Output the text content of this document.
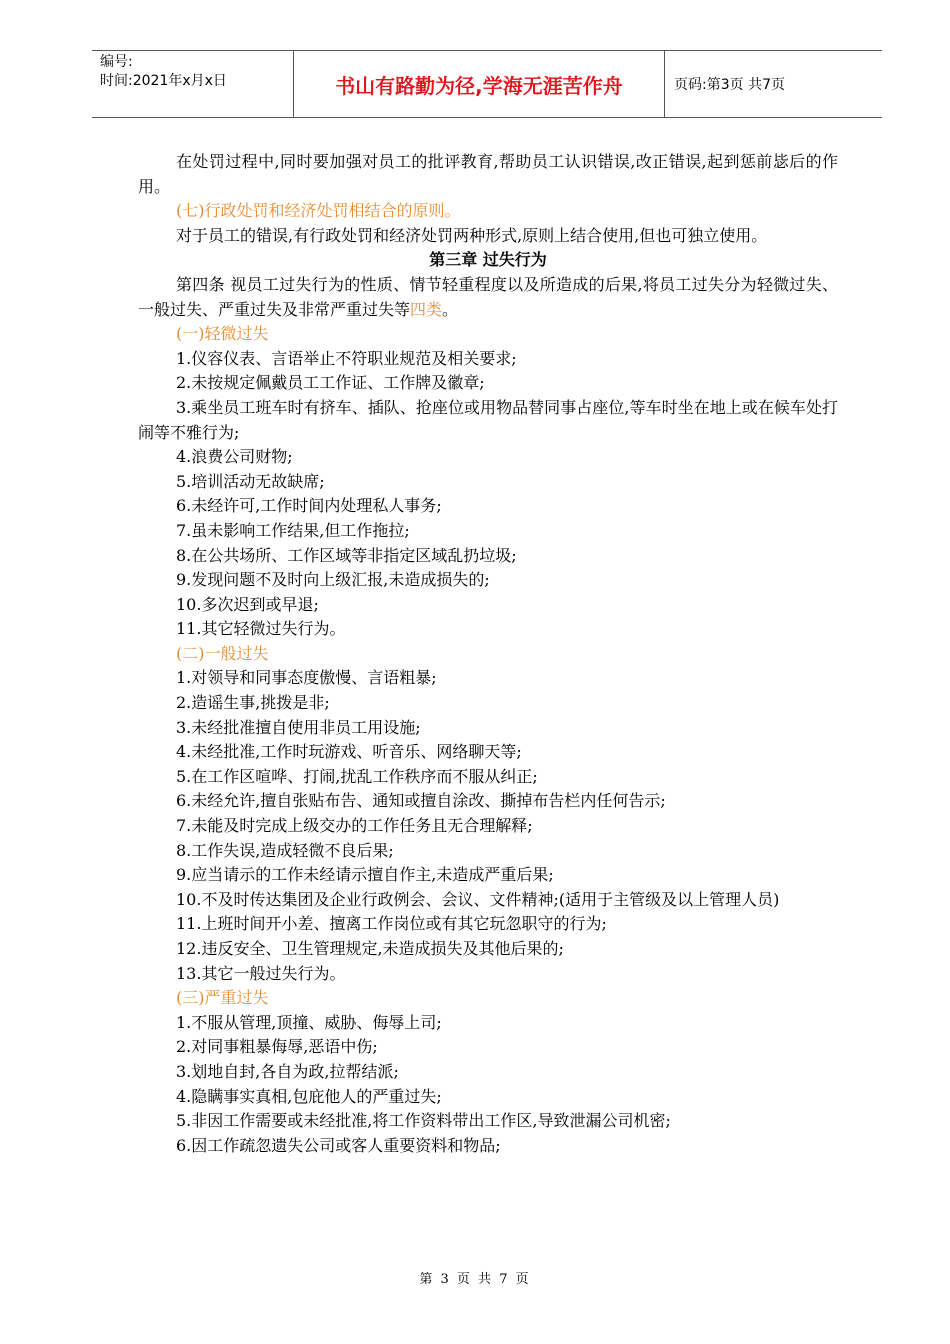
编号:
时间:2021年x月x日	书山有路勤为径,学海无涯苦作舟	页码:第3页 共7页

在处罚过程中,同时要加强对员工的批评教育,帮助员工认识错误,改正错误,起到惩前毖后的作用。

(七)行政处罚和经济处罚相结合的原则。

对于员工的错误,有行政处罚和经济处罚两种形式,原则上结合使用,但也可独立使用。

第三章 过失行为

第四条 视员工过失行为的性质、情节轻重程度以及所造成的后果,将员工过失分为轻微过失、一般过失、严重过失及非常严重过失等四类。

(一)轻微过失

1.仪容仪表、言语举止不符职业规范及相关要求;

2.未按规定佩戴员工工作证、工作牌及徽章;

3.乘坐员工班车时有挤车、插队、抢座位或用物品替同事占座位,等车时坐在地上或在候车处打闹等不雅行为;

4.浪费公司财物;

5.培训活动无故缺席;

6.未经许可,工作时间内处理私人事务;

7.虽未影响工作结果,但工作拖拉;

8.在公共场所、工作区域等非指定区域乱扔垃圾;

9.发现问题不及时向上级汇报,未造成损失的;

10.多次迟到或早退;

11.其它轻微过失行为。

(二)一般过失

1.对领导和同事态度傲慢、言语粗暴;

2.造谣生事,挑拨是非;

3.未经批准擅自使用非员工用设施;

4.未经批准,工作时玩游戏、听音乐、网络聊天等;

5.在工作区喧哗、打闹,扰乱工作秩序而不服从纠正;

6.未经允许,擅自张贴布告、通知或擅自涂改、撕掉布告栏内任何告示;

7.未能及时完成上级交办的工作任务且无合理解释;

8.工作失误,造成轻微不良后果;

9.应当请示的工作未经请示擅自作主,未造成严重后果;

10.不及时传达集团及企业行政例会、会议、文件精神;(适用于主管级及以上管理人员)

11.上班时间开小差、擅离工作岗位或有其它玩忽职守的行为;

12.违反安全、卫生管理规定,未造成损失及其他后果的;

13.其它一般过失行为。

(三)严重过失

1.不服从管理,顶撞、威胁、侮辱上司;

2.对同事粗暴侮辱,恶语中伤;

3.划地自封,各自为政,拉帮结派;

4.隐瞒事实真相,包庇他人的严重过失;

5.非因工作需要或未经批准,将工作资料带出工作区,导致泄漏公司机密;

6.因工作疏忽遗失公司或客人重要资料和物品;

第 3 页 共 7 页
